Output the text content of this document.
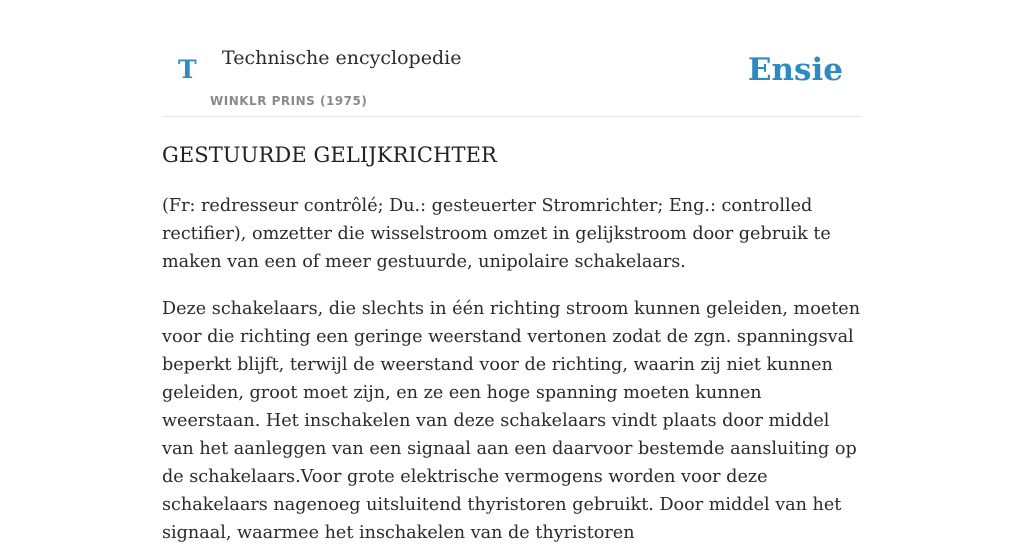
T Technische encyclopedie
WINKLR PRINS (1975)
Ensie
GESTUURDE GELIJKRICHTER

(Fr: redresseur contrôlé; Du.: gesteuerter Stromrichter; Eng.: controlled rectifier), omzetter die wisselstroom omzet in gelijkstroom door gebruik te maken van een of meer gestuurde, unipolaire schakelaars.

Deze schakelaars, die slechts in één richting stroom kunnen geleiden, moeten voor die richting een geringe weerstand vertonen zodat de zgn. spanningsval beperkt blijft, terwijl de weerstand voor de richting, waarin zij niet kunnen geleiden, groot moet zijn, en ze een hoge spanning moeten kunnen weerstaan. Het inschakelen van deze schakelaars vindt plaats door middel van het aanleggen van een signaal aan een daarvoor bestemde aansluiting op de schakelaars.Voor grote elektrische vermogens worden voor deze schakelaars nagenoeg uitsluitend thyristoren gebruikt. Door middel van het signaal, waarmee het inschakelen van de thyristoren
